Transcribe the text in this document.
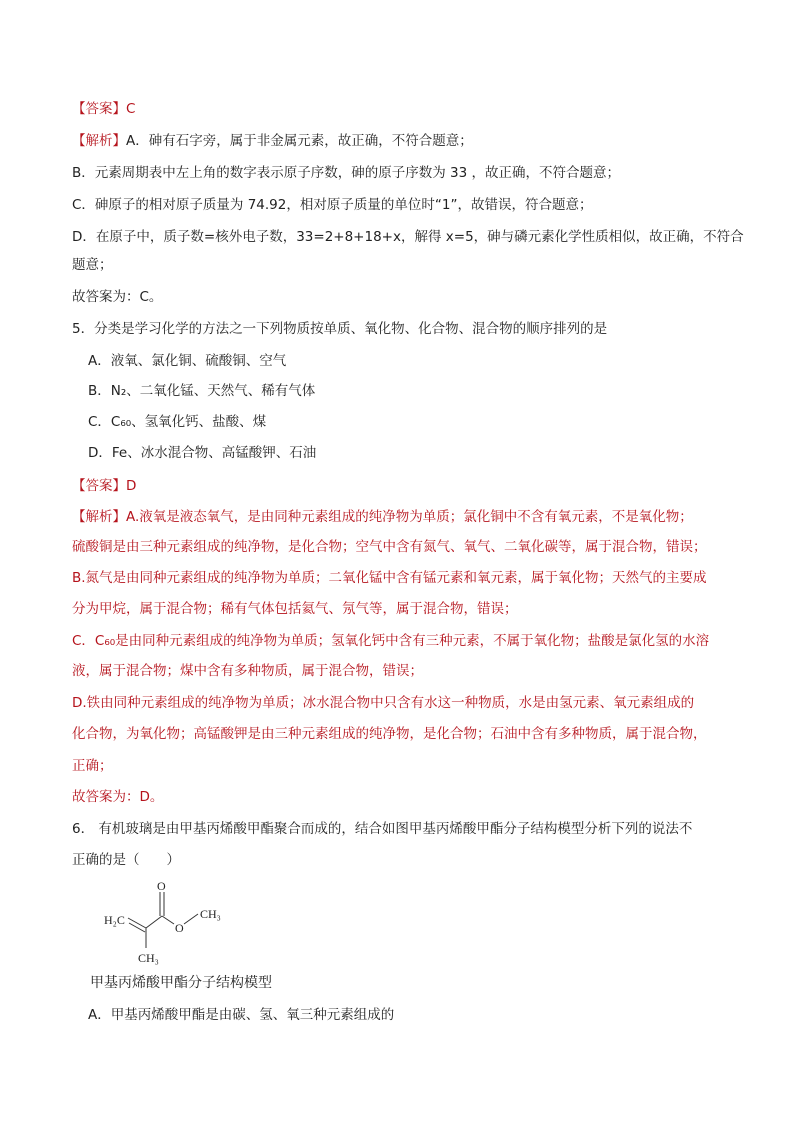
【答案】C
【解析】A．砷有石字旁，属于非金属元素，故正确，不符合题意；
B．元素周期表中左上角的数字表示原子序数，砷的原子序数为 33 ，故正确，不符合题意；
C．砷原子的相对原子质量为 74.92，相对原子质量的单位时“1”，故错误，符合题意；
D．在原子中，质子数=核外电子数，33=2+8+18+x，解得 x=5，砷与磷元素化学性质相似，故正确，不符合
题意；
故答案为：C。
5．分类是学习化学的方法之一下列物质按单质、氧化物、化合物、混合物的顺序排列的是
A．液氧、氯化铜、硫酸铜、空气
B．N₂、二氧化锰、天然气、稀有气体
C．C₆₀、氢氧化钙、盐酸、煤
D．Fe、冰水混合物、高锰酸钾、石油
【答案】D
【解析】A.液氧是液态氧气，是由同种元素组成的纯净物为单质；氯化铜中不含有氧元素，不是氧化物；
硫酸铜是由三种元素组成的纯净物，是化合物；空气中含有氮气、氧气、二氧化碳等，属于混合物，错误；
B.氮气是由同种元素组成的纯净物为单质；二氧化锰中含有锰元素和氧元素，属于氧化物；天然气的主要成
分为甲烷，属于混合物；稀有气体包括氦气、氖气等，属于混合物，错误；
C．C₆₀是由同种元素组成的纯净物为单质；氢氧化钙中含有三种元素，不属于氧化物；盐酸是氯化氢的水溶
液，属于混合物；煤中含有多种物质，属于混合物，错误；
D.铁由同种元素组成的纯净物为单质；冰水混合物中只含有水这一种物质，水是由氢元素、氧元素组成的
化合物，为氧化物；高锰酸钾是由三种元素组成的纯净物，是化合物；石油中含有多种物质，属于混合物，
正确；
故答案为：D。
6． 有机玻璃是由甲基丙烯酸甲酯聚合而成的，结合如图甲基丙烯酸甲酯分子结构模型分析下列的说法不
正确的是（　　）
O
H₂C
O
CH₃
CH₃
甲基丙烯酸甲酯分子结构模型
A．甲基丙烯酸甲酯是由碳、氢、氧三种元素组成的
